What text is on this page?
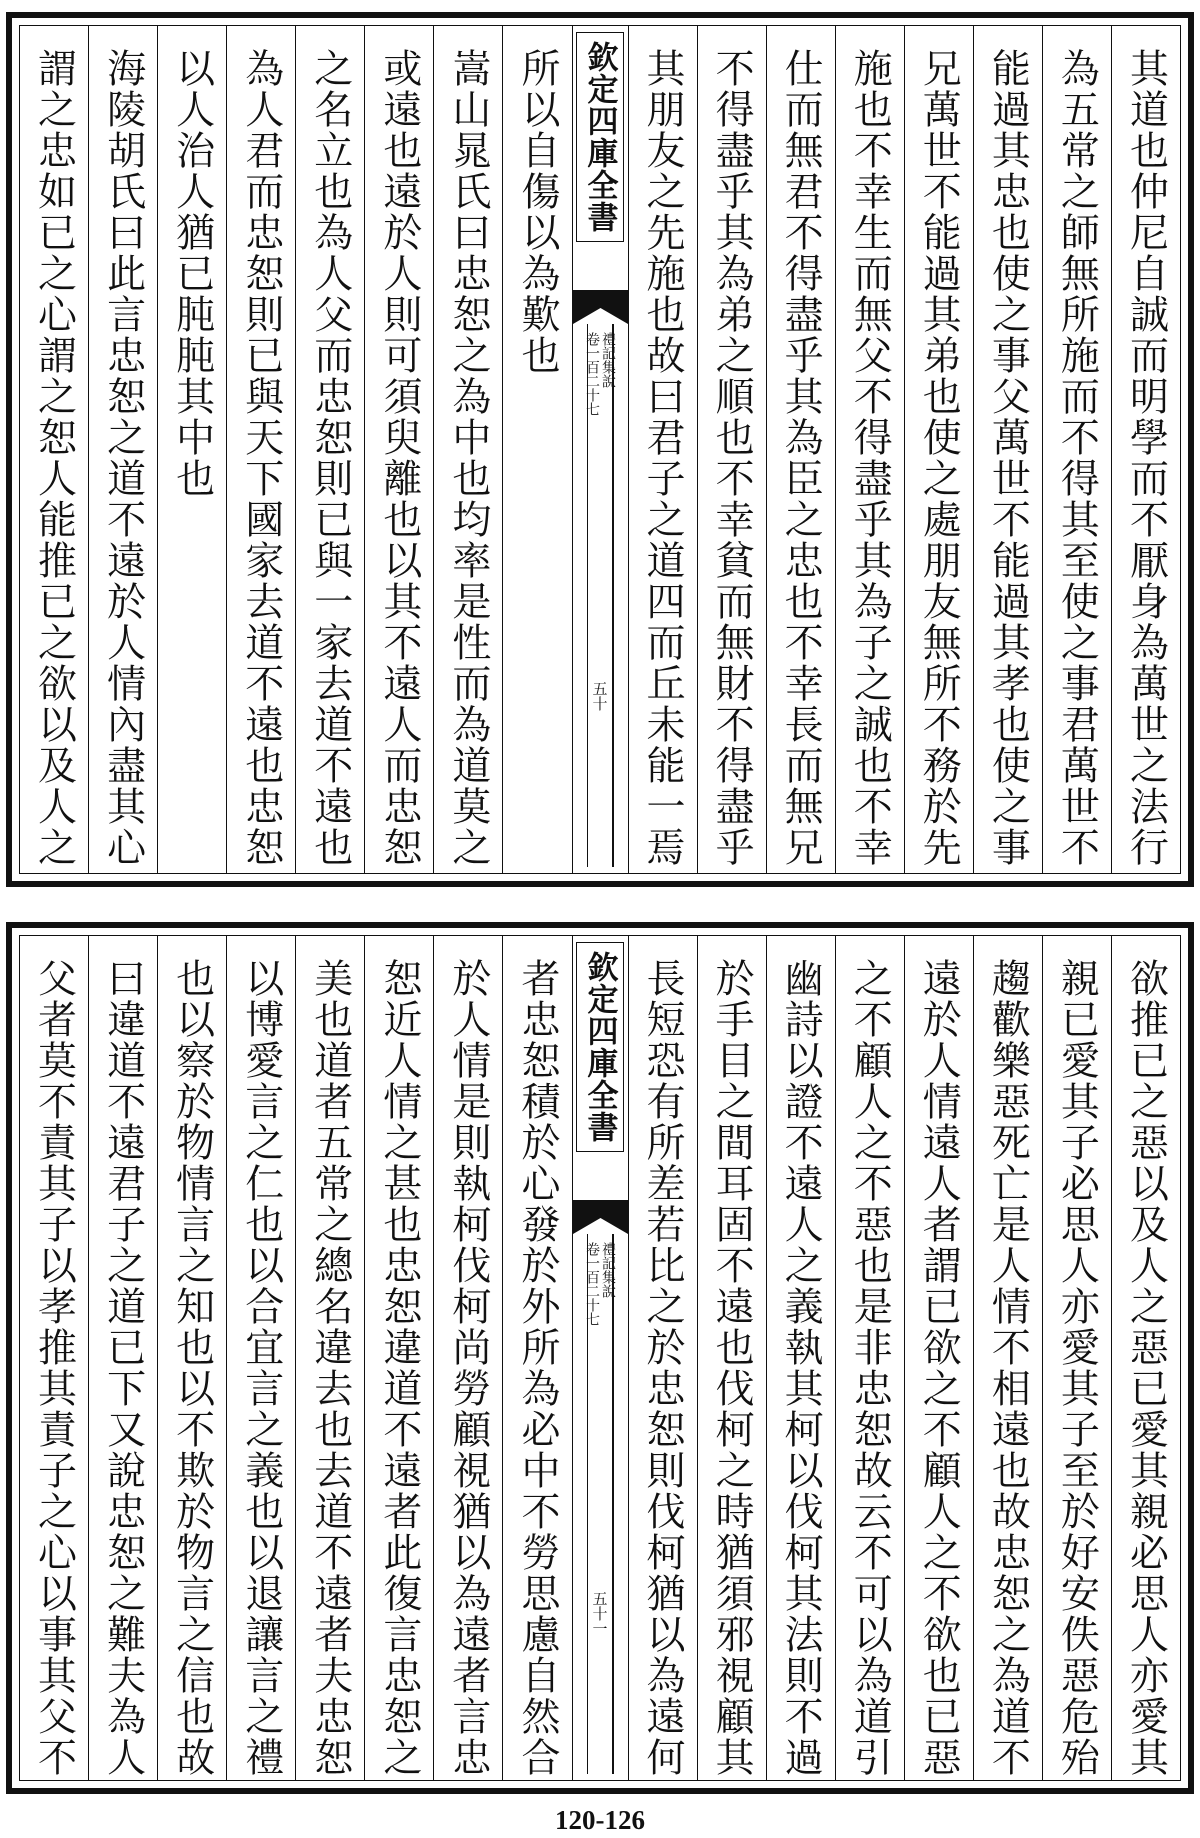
其道也仲尼自誠而明學而不厭身為萬世之法行
為五常之師無所施而不得其至使之事君萬世不
能過其忠也使之事父萬世不能過其孝也使之事
兄萬世不能過其弟也使之處朋友無所不務於先
施也不幸生而無父不得盡乎其為子之誠也不幸
仕而無君不得盡乎其為臣之忠也不幸長而無兄
不得盡乎其為弟之順也不幸貧而無財不得盡乎
其朋友之先施也故曰君子之道四而丘未能一焉
欽定四庫全書
禮記集說
卷一百二十七
五十
所以自傷以為歎也
嵩山晁氏曰忠恕之為中也均率是性而為道莫之
或遠也遠於人則可須臾離也以其不遠人而忠恕
之名立也為人父而忠恕則已與一家去道不遠也
為人君而忠恕則已與天下國家去道不遠也忠恕
以人治人猶已肫肫其中也
海陵胡氏曰此言忠恕之道不遠於人情內盡其心
謂之忠如已之心謂之恕人能推已之欲以及人之
欲推已之惡以及人之惡已愛其親必思人亦愛其
親已愛其子必思人亦愛其子至於好安佚惡危殆
趨歡樂惡死亡是人情不相遠也故忠恕之為道不
遠於人情遠人者謂已欲之不顧人之不欲也已惡
之不顧人之不惡也是非忠恕故云不可以為道引
幽詩以證不遠人之義執其柯以伐柯其法則不過
於手目之間耳固不遠也伐柯之時猶須邪視顧其
長短恐有所差若比之於忠恕則伐柯猶以為遠何
欽定四庫全書
禮記集說
卷一百二十七
五十一
者忠恕積於心發於外所為必中不勞思慮自然合
於人情是則執柯伐柯尚勞顧視猶以為遠者言忠
恕近人情之甚也忠恕違道不遠者此復言忠恕之
美也道者五常之總名違去也去道不遠者夫忠恕
以博愛言之仁也以合宜言之義也以退讓言之禮
也以察於物情言之知也以不欺於物言之信也故
曰違道不遠君子之道已下又說忠恕之難夫為人
父者莫不責其子以孝推其責子之心以事其父不
120-126
